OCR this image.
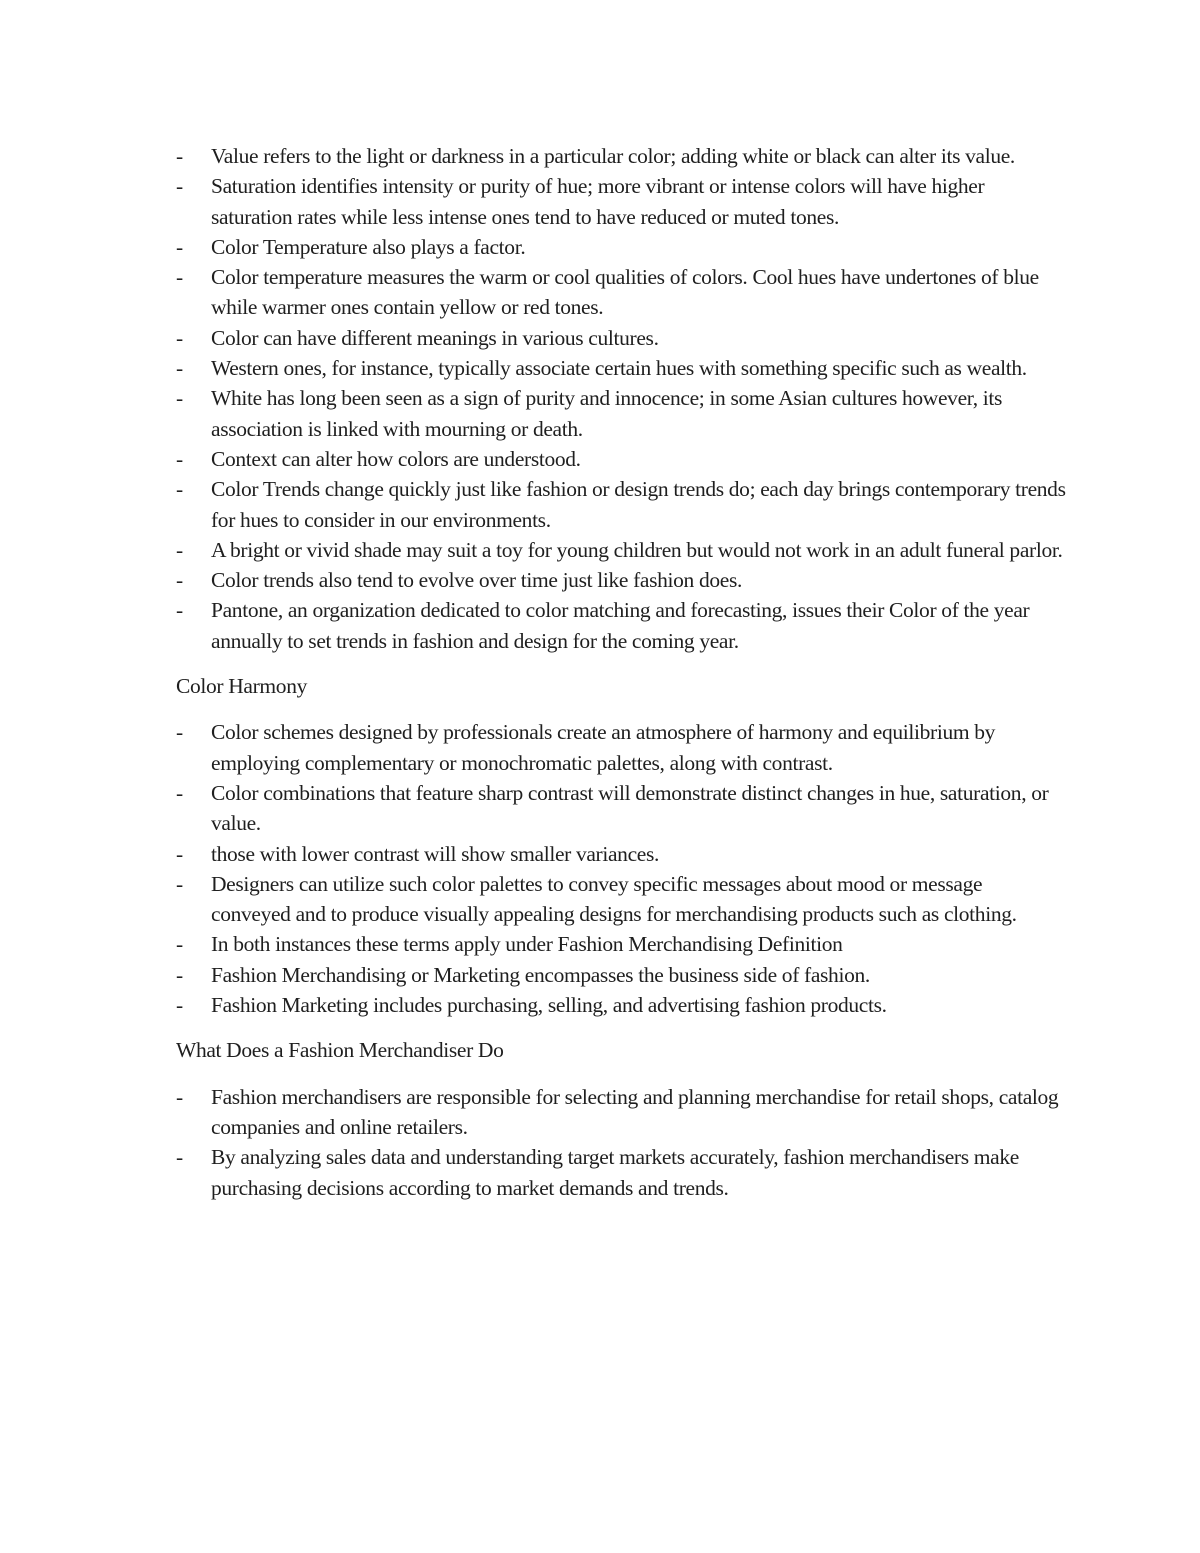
- Value refers to the light or darkness in a particular color; adding white or black can alter its value.
- Saturation identifies intensity or purity of hue; more vibrant or intense colors will have higher saturation rates while less intense ones tend to have reduced or muted tones.
- Color Temperature also plays a factor.
- Color temperature measures the warm or cool qualities of colors. Cool hues have undertones of blue while warmer ones contain yellow or red tones.
- Color can have different meanings in various cultures.
- Western ones, for instance, typically associate certain hues with something specific such as wealth.
- White has long been seen as a sign of purity and innocence; in some Asian cultures however, its association is linked with mourning or death.
- Context can alter how colors are understood.
- Color Trends change quickly just like fashion or design trends do; each day brings contemporary trends for hues to consider in our environments.
- A bright or vivid shade may suit a toy for young children but would not work in an adult funeral parlor.
- Color trends also tend to evolve over time just like fashion does.
- Pantone, an organization dedicated to color matching and forecasting, issues their Color of the year annually to set trends in fashion and design for the coming year.
Color Harmony
- Color schemes designed by professionals create an atmosphere of harmony and equilibrium by employing complementary or monochromatic palettes, along with contrast.
- Color combinations that feature sharp contrast will demonstrate distinct changes in hue, saturation, or value.
- those with lower contrast will show smaller variances.
- Designers can utilize such color palettes to convey specific messages about mood or message conveyed and to produce visually appealing designs for merchandising products such as clothing.
- In both instances these terms apply under Fashion Merchandising Definition
- Fashion Merchandising or Marketing encompasses the business side of fashion.
- Fashion Marketing includes purchasing, selling, and advertising fashion products.
What Does a Fashion Merchandiser Do
- Fashion merchandisers are responsible for selecting and planning merchandise for retail shops, catalog companies and online retailers.
- By analyzing sales data and understanding target markets accurately, fashion merchandisers make purchasing decisions according to market demands and trends.
